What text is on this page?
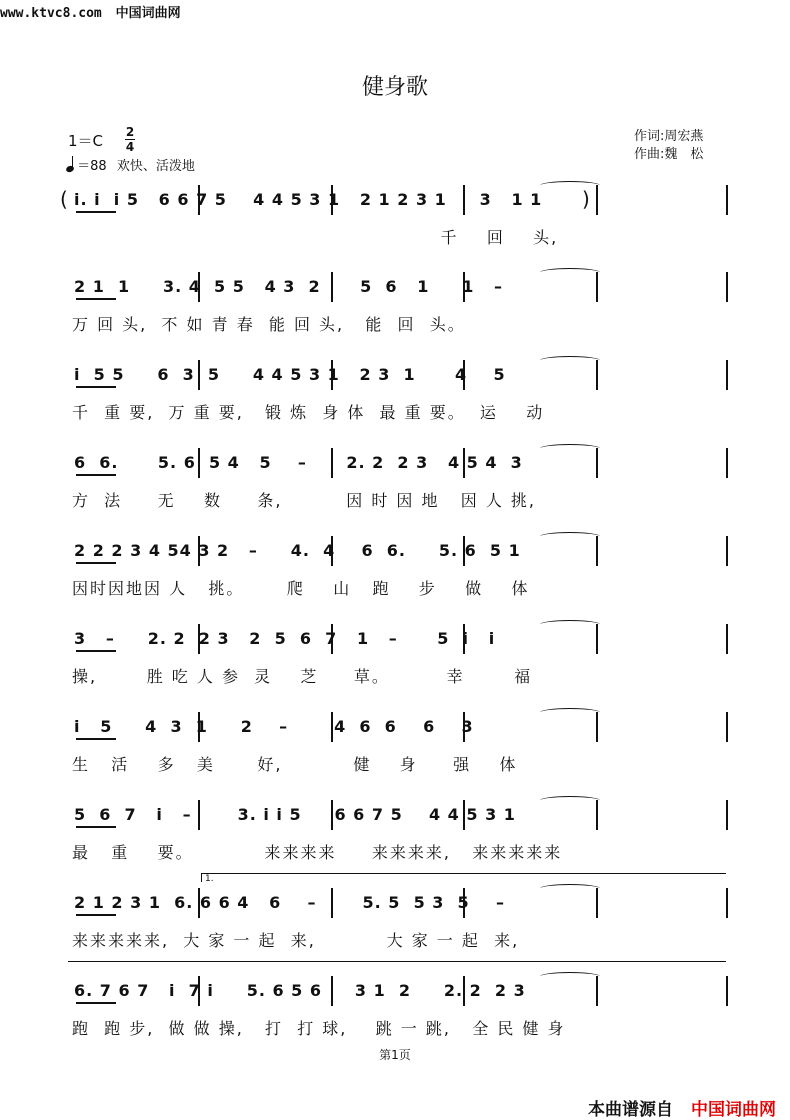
www.ktvc8.com 中国词曲网
健身歌
1＝C 2
4
＝88 欢快、活泼地
作词:周宏燕
作曲:魏　松
i. i  i 5   6 6 7 5    4 4 5 3 1   2 1 2 3 1     3   1 1
千    回    头,
(	)
2 1  1     3. 4  5 5   4 3  2      5  6   1     1   –
万 回 头,  不 如 青 春  能 回 头,   能  回  头。
i  5 5     6  3  5     4 4 5 3 1   2 3  1      4    5
千  重 要,  万 重 要,   锻 炼  身 体  最 重 要。  运    动
6  6.      5. 6  5 4   5    –      2. 2  2 3   4 5 4  3
方  法     无    数     条,         因 时 因 地   因 人 挑,
2 2 2 3 4 54 3 2   –     4.  4    6  6.     5. 6  5 1
因时因地因 人   挑。      爬    山   跑    步    做    体
3   –     2. 2  2 3   2  5  6  7   1   –      5  i   i
操,       胜 吃 人 参  灵    芝     草。        幸       福
i   5     4  3  1     2    –       4  6  6    6    3
生   活    多   美      好,          健    身     强    体
5  6  7   i   –       3. i i 5     6 6 7 5    4 4 5 3 1
最   重    要。          来来来来     来来来来,   来来来来来
2 1 2 3 1  6. 6 6 4   6    –       5. 5  5 3  5    –
来来来来来,  大 家 一 起  来,          大 家 一 起  来,
6. 7 6 7   i  7 i     5. 6 5 6     3 1  2     2. 2  2 3
跑  跑 步,  做 做 操,   打  打 球,    跳 一 跳,   全 民 健 身
1.
第1页
本曲谱源自 中国词曲网
